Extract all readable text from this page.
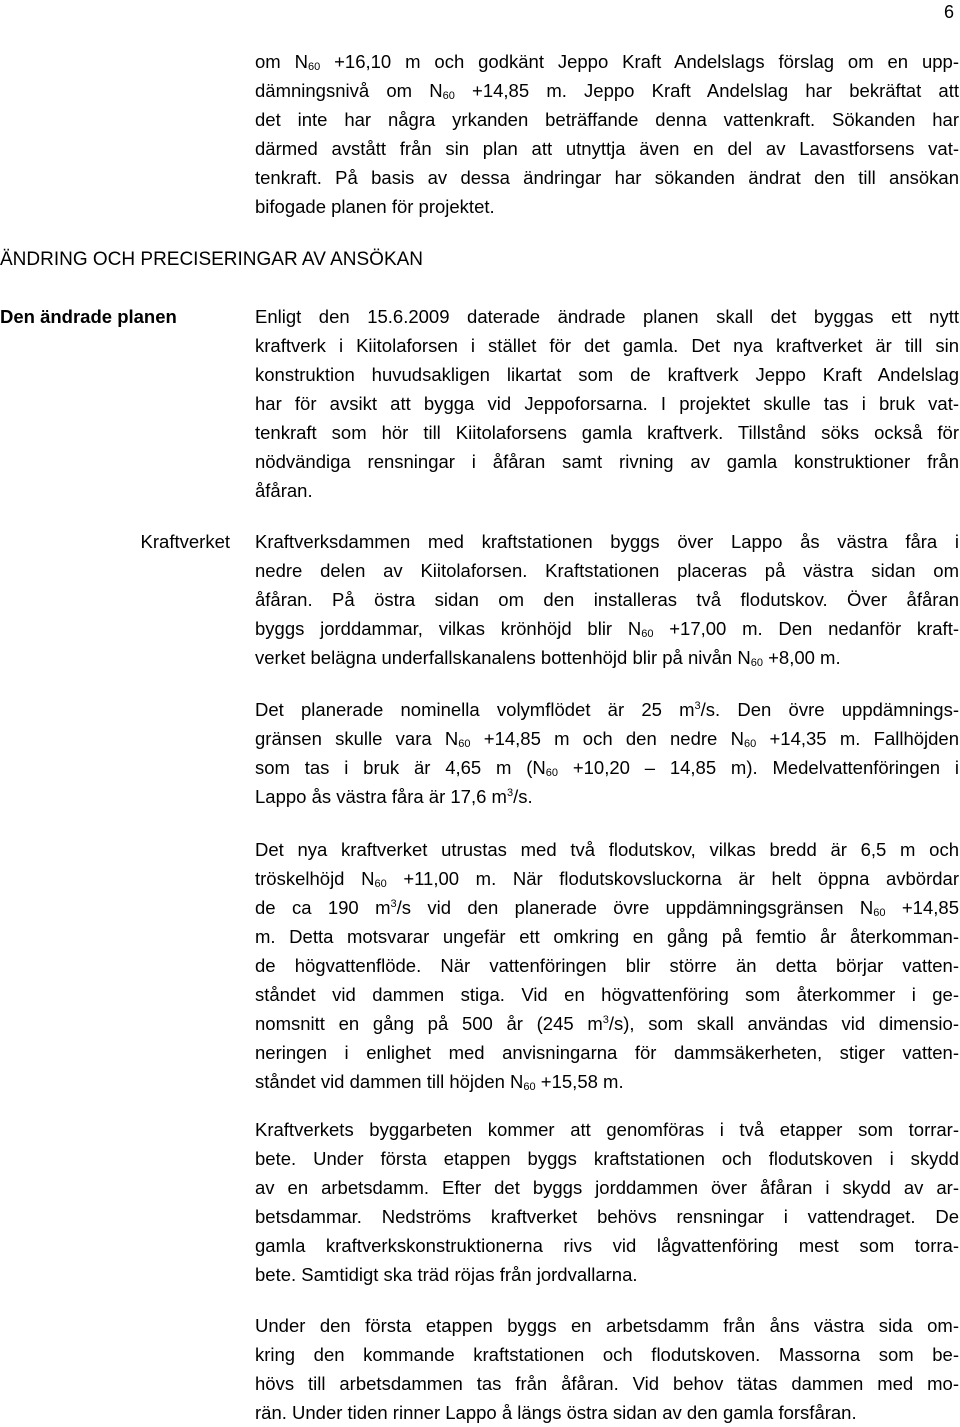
6

om $N_{60} +16,10$ m och godkänt Jeppo Kraft Andelslags förslag om en upp-
dämningsnivå om $N_{60} +14,85$ m. Jeppo Kraft Andelslag har bekräftat att
det inte har några yrkanden beträffande denna vattenkraft. Sökanden har
därmed avstått från sin plan att utnyttja även en del av Lavastforsens vat-
tenkraft. På basis av dessa ändringar har sökanden ändrat den till ansökan
bifogade planen för projektet.

ÄNDRING OCH PRECISERINGAR AV ANSÖKAN
Den ändrade planen	Enligt den 15.6.2009 daterade ändrade planen skall det byggas ett nytt
kraftverk i Kiitolaforsen i stället för det gamla. Det nya kraftverket är till sin
konstruktion huvudsakligen likartat som de kraftverk Jeppo Kraft Andelslag
har för avsikt att bygga vid Jeppoforsarna. I projektet skulle tas i bruk vat-
tenkraft som hör till Kiitolaforsens gamla kraftverk. Tillstånd söks också för
nödvändiga rensningar i åfåran samt rivning av gamla konstruktioner från
åfåran.

Kraftverket Kraftverksdammen med kraftstationen byggs över Lappo ås västra fåra i
nedre delen av Kiitolaforsen. Kraftstationen placeras på västra sidan om
åfåran. På östra sidan om den installeras två flodutskov. Över åfåran
byggs jorddammar, vilkas krönhöjd blir $N_{60} +17,00$ m. Den nedanför kraft-
verket belägna underfallskanalens bottenhöjd blir på nivån $N_{60} +8,00$ m.

Det planerade nominella volymflödet är 25 $m^3/s$. Den övre uppdämnings-
gränsen skulle vara $N_{60} +14,85$ m och den nedre $N_{60} +14,35$ m. Fallhöjden
som tas i bruk är 4,65 m ($N_{60} +10,20 - 14,85$ m). Medelvattenföringen i
Lappo ås västra fåra är 17,6 $m^3/s$.

Det nya kraftverket utrustas med två flodutskov, vilkas bredd är 6,5 m och
tröskelhöjd $N_{60} +11,00$ m. När flodutskovsluckorna är helt öppna avbördar
de ca 190 $m^3/s$ vid den planerade övre uppdämningsgränsen $N_{60} +14,85$
m. Detta motsvarar ungefär ett omkring en gång på femtio år återkomman-
de högvattenflöde. När vattenföringen blir större än detta börjar vatten-
ståndet vid dammen stiga. Vid en högvattenföring som återkommer i ge-
nomsnitt en gång på 500 år (245 $m^3/s$), som skall användas vid dimensio-
neringen i enlighet med anvisningarna för dammsäkerheten, stiger vatten-
ståndet vid dammen till höjden $N_{60} +15,58$ m.

Kraftverkets byggarbeten kommer att genomföras i två etapper som torrar-
bete. Under första etappen byggs kraftstationen och flodutskoven i skydd
av en arbetsdamm. Efter det byggs jorddammen över åfåran i skydd av ar-
betsdammar. Nedströms kraftverket behövs rensningar i vattendraget. De
gamla kraftverkskonstruktionerna rivs vid lågvattenföring mest som torra-
bete. Samtidigt ska träd röjas från jordvallarna.

Under den första etappen byggs en arbetsdamm från åns västra sida om-
kring den kommande kraftstationen och flodutskoven. Massorna som be-
hövs till arbetsdammen tas från åfåran. Vid behov tätas dammen med mo-
rän. Under tiden rinner Lappo å längs östra sidan av den gamla forsfåran.
